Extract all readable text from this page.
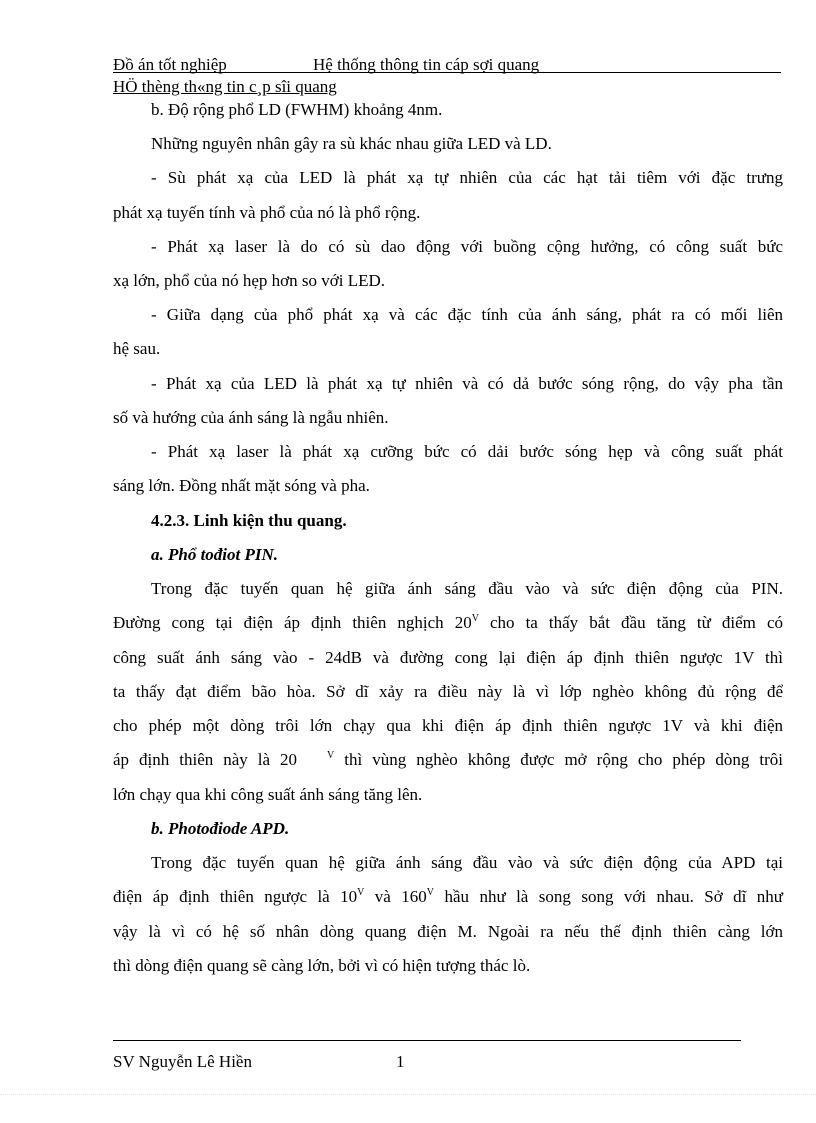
Đồ án tốt nghiệp	Hệ thống thông tin cáp sợi quang
HÖ thèng th«ng tin c¸p sîi quang
b. Độ rộng phổ LD (FWHM) khoảng 4nm.
Những nguyên nhân gây ra sù khác nhau giữa LED và LD.
- Sù phát xạ của LED là phát xạ tự nhiên của các hạt tải tiêm với đặc trưng
phát xạ tuyến tính và phổ của nó là phổ rộng.
- Phát xạ laser là do có sù dao động với buồng cộng hưởng, có công suất bức
xạ lớn, phổ của nó hẹp hơn so với LED.
- Giữa dạng của phổ phát xạ và các đặc tính của ánh sáng, phát ra có mối liên
hệ sau.
- Phát xạ của LED là phát xạ tự nhiên và có dả bước sóng rộng, do vậy pha tần
số và hướng của ánh sáng là ngẫu nhiên.
- Phát xạ laser là phát xạ cưỡng bức có dải bước sóng hẹp và công suất phát
sáng lớn. Đồng nhất mặt sóng và pha.
4.2.3. Linh kiện thu quang.
a. Phổ tođiot PIN.
Trong đặc tuyến quan hệ giữa ánh sáng đầu vào và sức điện động của PIN.
Đường cong tại điện áp định thiên nghịch $20^V$ cho ta thấy bắt đầu tăng từ điểm có
công suất ánh sáng vào - 24dB và đường cong lại điện áp định thiên ngược 1V thì
ta thấy đạt điểm bão hòa. Sở dĩ xảy ra điều này là vì lớp nghèo không đủ rộng để
cho phép một dòng trôi lớn chạy qua khi điện áp định thiên ngược 1V và khi điện
áp định thiên này là 20	$^V$ thì vùng nghèo không được mở rộng cho phép dòng trôi
lớn chạy qua khi công suất ánh sáng tăng lên.
b. Photođiode APD.
Trong đặc tuyến quan hệ giữa ánh sáng đầu vào và sức điện động của APD tại
điện áp định thiên ngược là $10^V$ và $160^V$ hầu như là song song với nhau. Sở dĩ như
vậy là vì có hệ số nhân dòng quang điện M. Ngoài ra nếu thế định thiên càng lớn
thì dòng điện quang sẽ càng lớn, bởi vì có hiện tượng thác lò.
SV Nguyễn Lê Hiền	1
